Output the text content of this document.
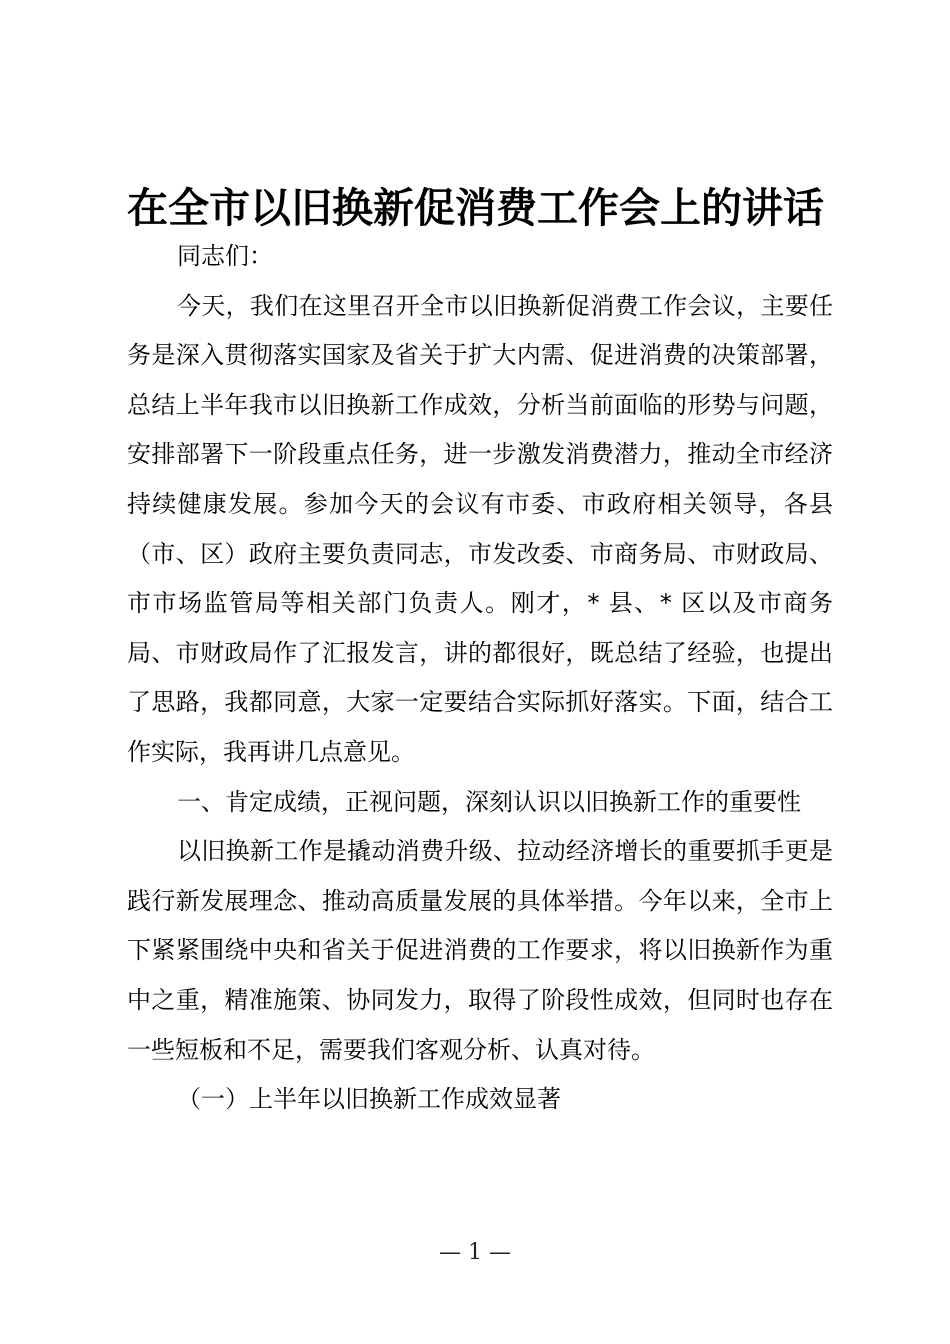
在全市以旧换新促消费工作会上的讲话

同志们：

今天，我们在这里召开全市以旧换新促消费工作会议，主要任务是深入贯彻落实国家及省关于扩大内需、促进消费的决策部署，总结上半年我市以旧换新工作成效，分析当前面临的形势与问题，安排部署下一阶段重点任务，进一步激发消费潜力，推动全市经济持续健康发展。参加今天的会议有市委、市政府相关领导，各县（市、区）政府主要负责同志，市发改委、市商务局、市财政局、市市场监管局等相关部门负责人。刚才，* 县、* 区以及市商务局、市财政局作了汇报发言，讲的都很好，既总结了经验，也提出了思路，我都同意，大家一定要结合实际抓好落实。下面，结合工作实际，我再讲几点意见。

一、肯定成绩，正视问题，深刻认识以旧换新工作的重要性

以旧换新工作是撬动消费升级、拉动经济增长的重要抓手更是践行新发展理念、推动高质量发展的具体举措。今年以来，全市上下紧紧围绕中央和省关于促进消费的工作要求，将以旧换新作为重中之重，精准施策、协同发力，取得了阶段性成效，但同时也存在一些短板和不足，需要我们客观分析、认真对待。

（一）上半年以旧换新工作成效显著

— 1 —
